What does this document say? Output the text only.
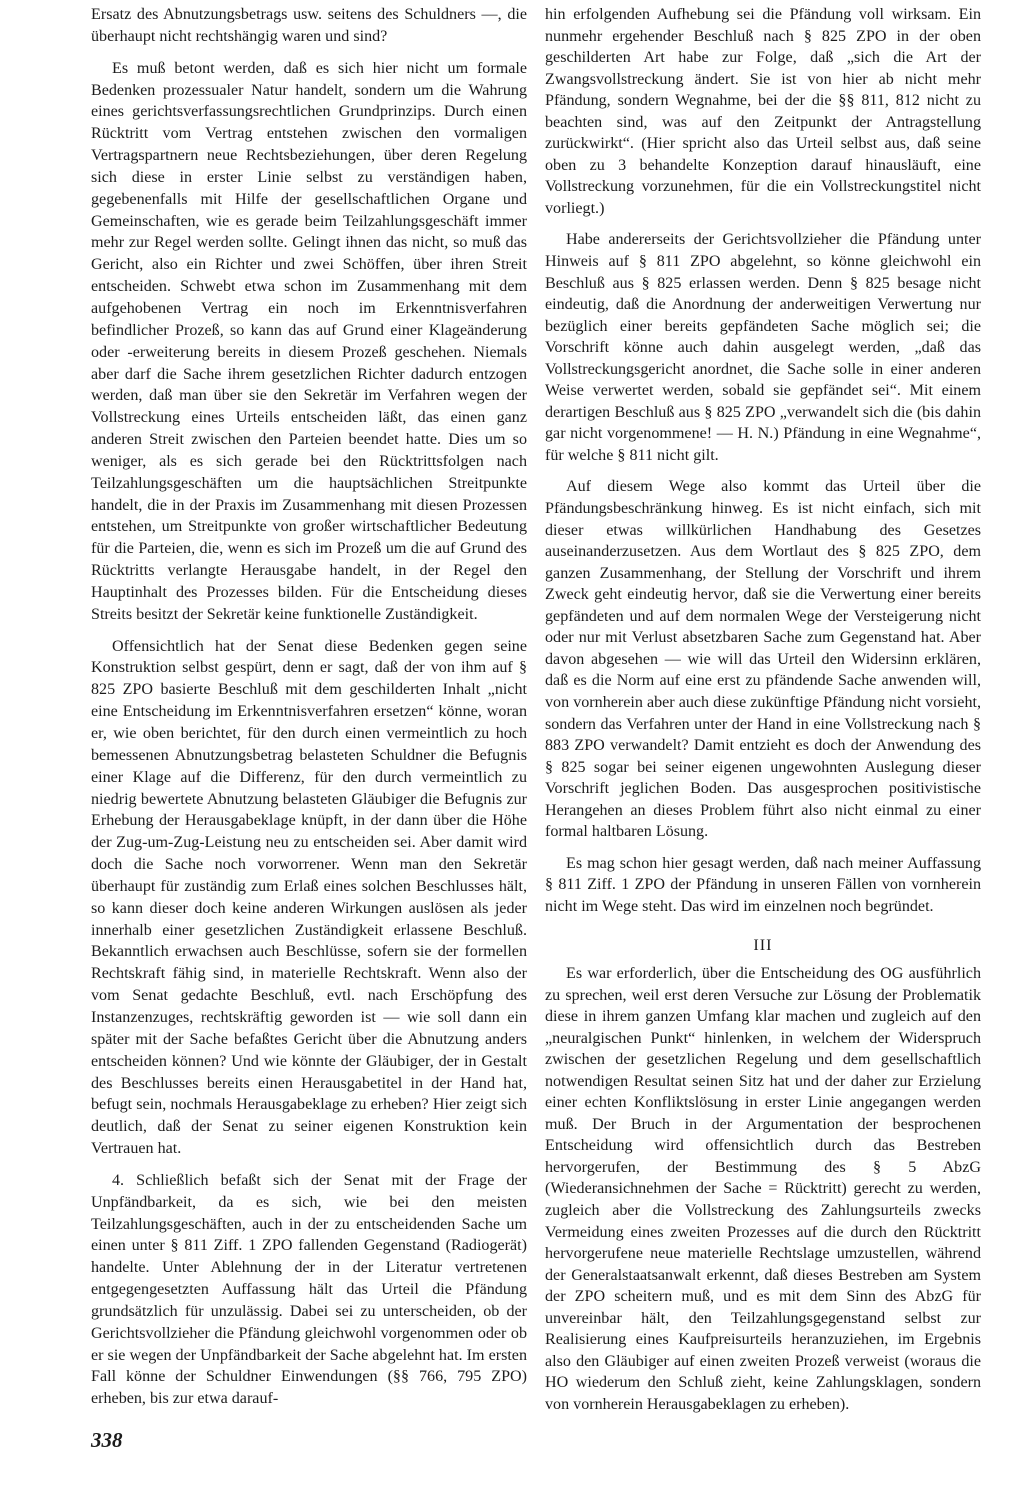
Ersatz des Abnutzungsbetrags usw. seitens des Schuldners —, die überhaupt nicht rechtshängig waren und sind?

Es muß betont werden, daß es sich hier nicht um formale Bedenken prozessualer Natur handelt, sondern um die Wahrung eines gerichtsverfassungsrechtlichen Grundprinzips. Durch einen Rücktritt vom Vertrag entstehen zwischen den vormaligen Vertragspartnern neue Rechtsbeziehungen, über deren Regelung sich diese in erster Linie selbst zu verständigen haben, gegebenenfalls mit Hilfe der gesellschaftlichen Organe und Gemeinschaften, wie es gerade beim Teilzahlungsgeschäft immer mehr zur Regel werden sollte. Gelingt ihnen das nicht, so muß das Gericht, also ein Richter und zwei Schöffen, über ihren Streit entscheiden. Schwebt etwa schon im Zusammenhang mit dem aufgehobenen Vertrag ein noch im Erkenntnisverfahren befindlicher Prozeß, so kann das auf Grund einer Klageänderung oder -erweiterung bereits in diesem Prozeß geschehen. Niemals aber darf die Sache ihrem gesetzlichen Richter dadurch entzogen werden, daß man über sie den Sekretär im Verfahren wegen der Vollstreckung eines Urteils entscheiden läßt, das einen ganz anderen Streit zwischen den Parteien beendet hatte. Dies um so weniger, als es sich gerade bei den Rücktrittsfolgen nach Teilzahlungsgeschäften um die hauptsächlichen Streitpunkte handelt, die in der Praxis im Zusammenhang mit diesen Prozessen entstehen, um Streitpunkte von großer wirtschaftlicher Bedeutung für die Parteien, die, wenn es sich im Prozeß um die auf Grund des Rücktritts verlangte Herausgabe handelt, in der Regel den Hauptinhalt des Prozesses bilden. Für die Entscheidung dieses Streits besitzt der Sekretär keine funktionelle Zuständigkeit.

Offensichtlich hat der Senat diese Bedenken gegen seine Konstruktion selbst gespürt, denn er sagt, daß der von ihm auf § 825 ZPO basierte Beschluß mit dem geschilderten Inhalt „nicht eine Entscheidung im Erkenntnisverfahren ersetzen“ könne, woran er, wie oben berichtet, für den durch einen vermeintlich zu hoch bemessenen Abnutzungsbetrag belasteten Schuldner die Befugnis einer Klage auf die Differenz, für den durch vermeintlich zu niedrig bewertete Abnutzung belasteten Gläubiger die Befugnis zur Erhebung der Herausgabeklage knüpft, in der dann über die Höhe der Zug-um-Zug-Leistung neu zu entscheiden sei. Aber damit wird doch die Sache noch vorworrener. Wenn man den Sekretär überhaupt für zuständig zum Erlaß eines solchen Beschlusses hält, so kann dieser doch keine anderen Wirkungen auslösen als jeder innerhalb einer gesetzlichen Zuständigkeit erlassene Beschluß. Bekanntlich erwachsen auch Beschlüsse, sofern sie der formellen Rechtskraft fähig sind, in materielle Rechtskraft. Wenn also der vom Senat gedachte Beschluß, evtl. nach Erschöpfung des Instanzenzuges, rechtskräftig geworden ist — wie soll dann ein später mit der Sache befaßtes Gericht über die Abnutzung anders entscheiden können? Und wie könnte der Gläubiger, der in Gestalt des Beschlusses bereits einen Herausgabetitel in der Hand hat, befugt sein, nochmals Herausgabeklage zu erheben? Hier zeigt sich deutlich, daß der Senat zu seiner eigenen Konstruktion kein Vertrauen hat.

4. Schließlich befaßt sich der Senat mit der Frage der Unpfändbarkeit, da es sich, wie bei den meisten Teilzahlungsgeschäften, auch in der zu entscheidenden Sache um einen unter § 811 Ziff. 1 ZPO fallenden Gegenstand (Radiogerät) handelte. Unter Ablehnung der in der Literatur vertretenen entgegengesetzten Auffassung hält das Urteil die Pfändung grundsätzlich für unzulässig. Dabei sei zu unterscheiden, ob der Gerichtsvollzieher die Pfändung gleichwohl vorgenommen oder ob er sie wegen der Unpfändbarkeit der Sache abgelehnt hat. Im ersten Fall könne der Schuldner Einwendungen (§§ 766, 795 ZPO) erheben, bis zur etwa darauf-

hin erfolgenden Aufhebung sei die Pfändung voll wirksam. Ein nunmehr ergehender Beschluß nach § 825 ZPO in der oben geschilderten Art habe zur Folge, daß „sich die Art der Zwangsvollstreckung ändert. Sie ist von hier ab nicht mehr Pfändung, sondern Wegnahme, bei der die §§ 811, 812 nicht zu beachten sind, was auf den Zeitpunkt der Antragstellung zurückwirkt“. (Hier spricht also das Urteil selbst aus, daß seine oben zu 3 behandelte Konzeption darauf hinausläuft, eine Vollstreckung vorzunehmen, für die ein Vollstreckungstitel nicht vorliegt.)

Habe andererseits der Gerichtsvollzieher die Pfändung unter Hinweis auf § 811 ZPO abgelehnt, so könne gleichwohl ein Beschluß aus § 825 erlassen werden. Denn § 825 besage nicht eindeutig, daß die Anordnung der anderweitigen Verwertung nur bezüglich einer bereits gepfändeten Sache möglich sei; die Vorschrift könne auch dahin ausgelegt werden, „daß das Vollstreckungsgericht anordnet, die Sache solle in einer anderen Weise verwertet werden, sobald sie gepfändet sei“. Mit einem derartigen Beschluß aus § 825 ZPO „verwandelt sich die (bis dahin gar nicht vorgenommene! — H. N.) Pfändung in eine Wegnahme“, für welche § 811 nicht gilt.

Auf diesem Wege also kommt das Urteil über die Pfändungsbeschränkung hinweg. Es ist nicht einfach, sich mit dieser etwas willkürlichen Handhabung des Gesetzes auseinanderzusetzen. Aus dem Wortlaut des § 825 ZPO, dem ganzen Zusammenhang, der Stellung der Vorschrift und ihrem Zweck geht eindeutig hervor, daß sie die Verwertung einer bereits gepfändeten und auf dem normalen Wege der Versteigerung nicht oder nur mit Verlust absetzbaren Sache zum Gegenstand hat. Aber davon abgesehen — wie will das Urteil den Widersinn erklären, daß es die Norm auf eine erst zu pfändende Sache anwenden will, von vornherein aber auch diese zukünftige Pfändung nicht vorsieht, sondern das Verfahren unter der Hand in eine Vollstreckung nach § 883 ZPO verwandelt? Damit entzieht es doch der Anwendung des § 825 sogar bei seiner eigenen ungewohnten Auslegung dieser Vorschrift jeglichen Boden. Das ausgesprochen positivistische Herangehen an dieses Problem führt also nicht einmal zu einer formal haltbaren Lösung.

Es mag schon hier gesagt werden, daß nach meiner Auffassung § 811 Ziff. 1 ZPO der Pfändung in unseren Fällen von vornherein nicht im Wege steht. Das wird im einzelnen noch begründet.

III

Es war erforderlich, über die Entscheidung des OG ausführlich zu sprechen, weil erst deren Versuche zur Lösung der Problematik diese in ihrem ganzen Umfang klar machen und zugleich auf den „neuralgischen Punkt“ hinlenken, in welchem der Widerspruch zwischen der gesetzlichen Regelung und dem gesellschaftlich notwendigen Resultat seinen Sitz hat und der daher zur Erzielung einer echten Konfliktslösung in erster Linie angegangen werden muß. Der Bruch in der Argumentation der besprochenen Entscheidung wird offensichtlich durch das Bestreben hervorgerufen, der Bestimmung des § 5 AbzG (Wiederansichnehmen der Sache = Rücktritt) gerecht zu werden, zugleich aber die Vollstreckung des Zahlungsurteils zwecks Vermeidung eines zweiten Prozesses auf die durch den Rücktritt hervorgerufene neue materielle Rechtslage umzustellen, während der Generalstaatsanwalt erkennt, daß dieses Bestreben am System der ZPO scheitern muß, und es mit dem Sinn des AbzG für unvereinbar hält, den Teilzahlungsgegenstand selbst zur Realisierung eines Kaufpreisurteils heranzuziehen, im Ergebnis also den Gläubiger auf einen zweiten Prozeß verweist (woraus die HO wiederum den Schluß zieht, keine Zahlungsklagen, sondern von vornherein Herausgabeklagen zu erheben).

338
